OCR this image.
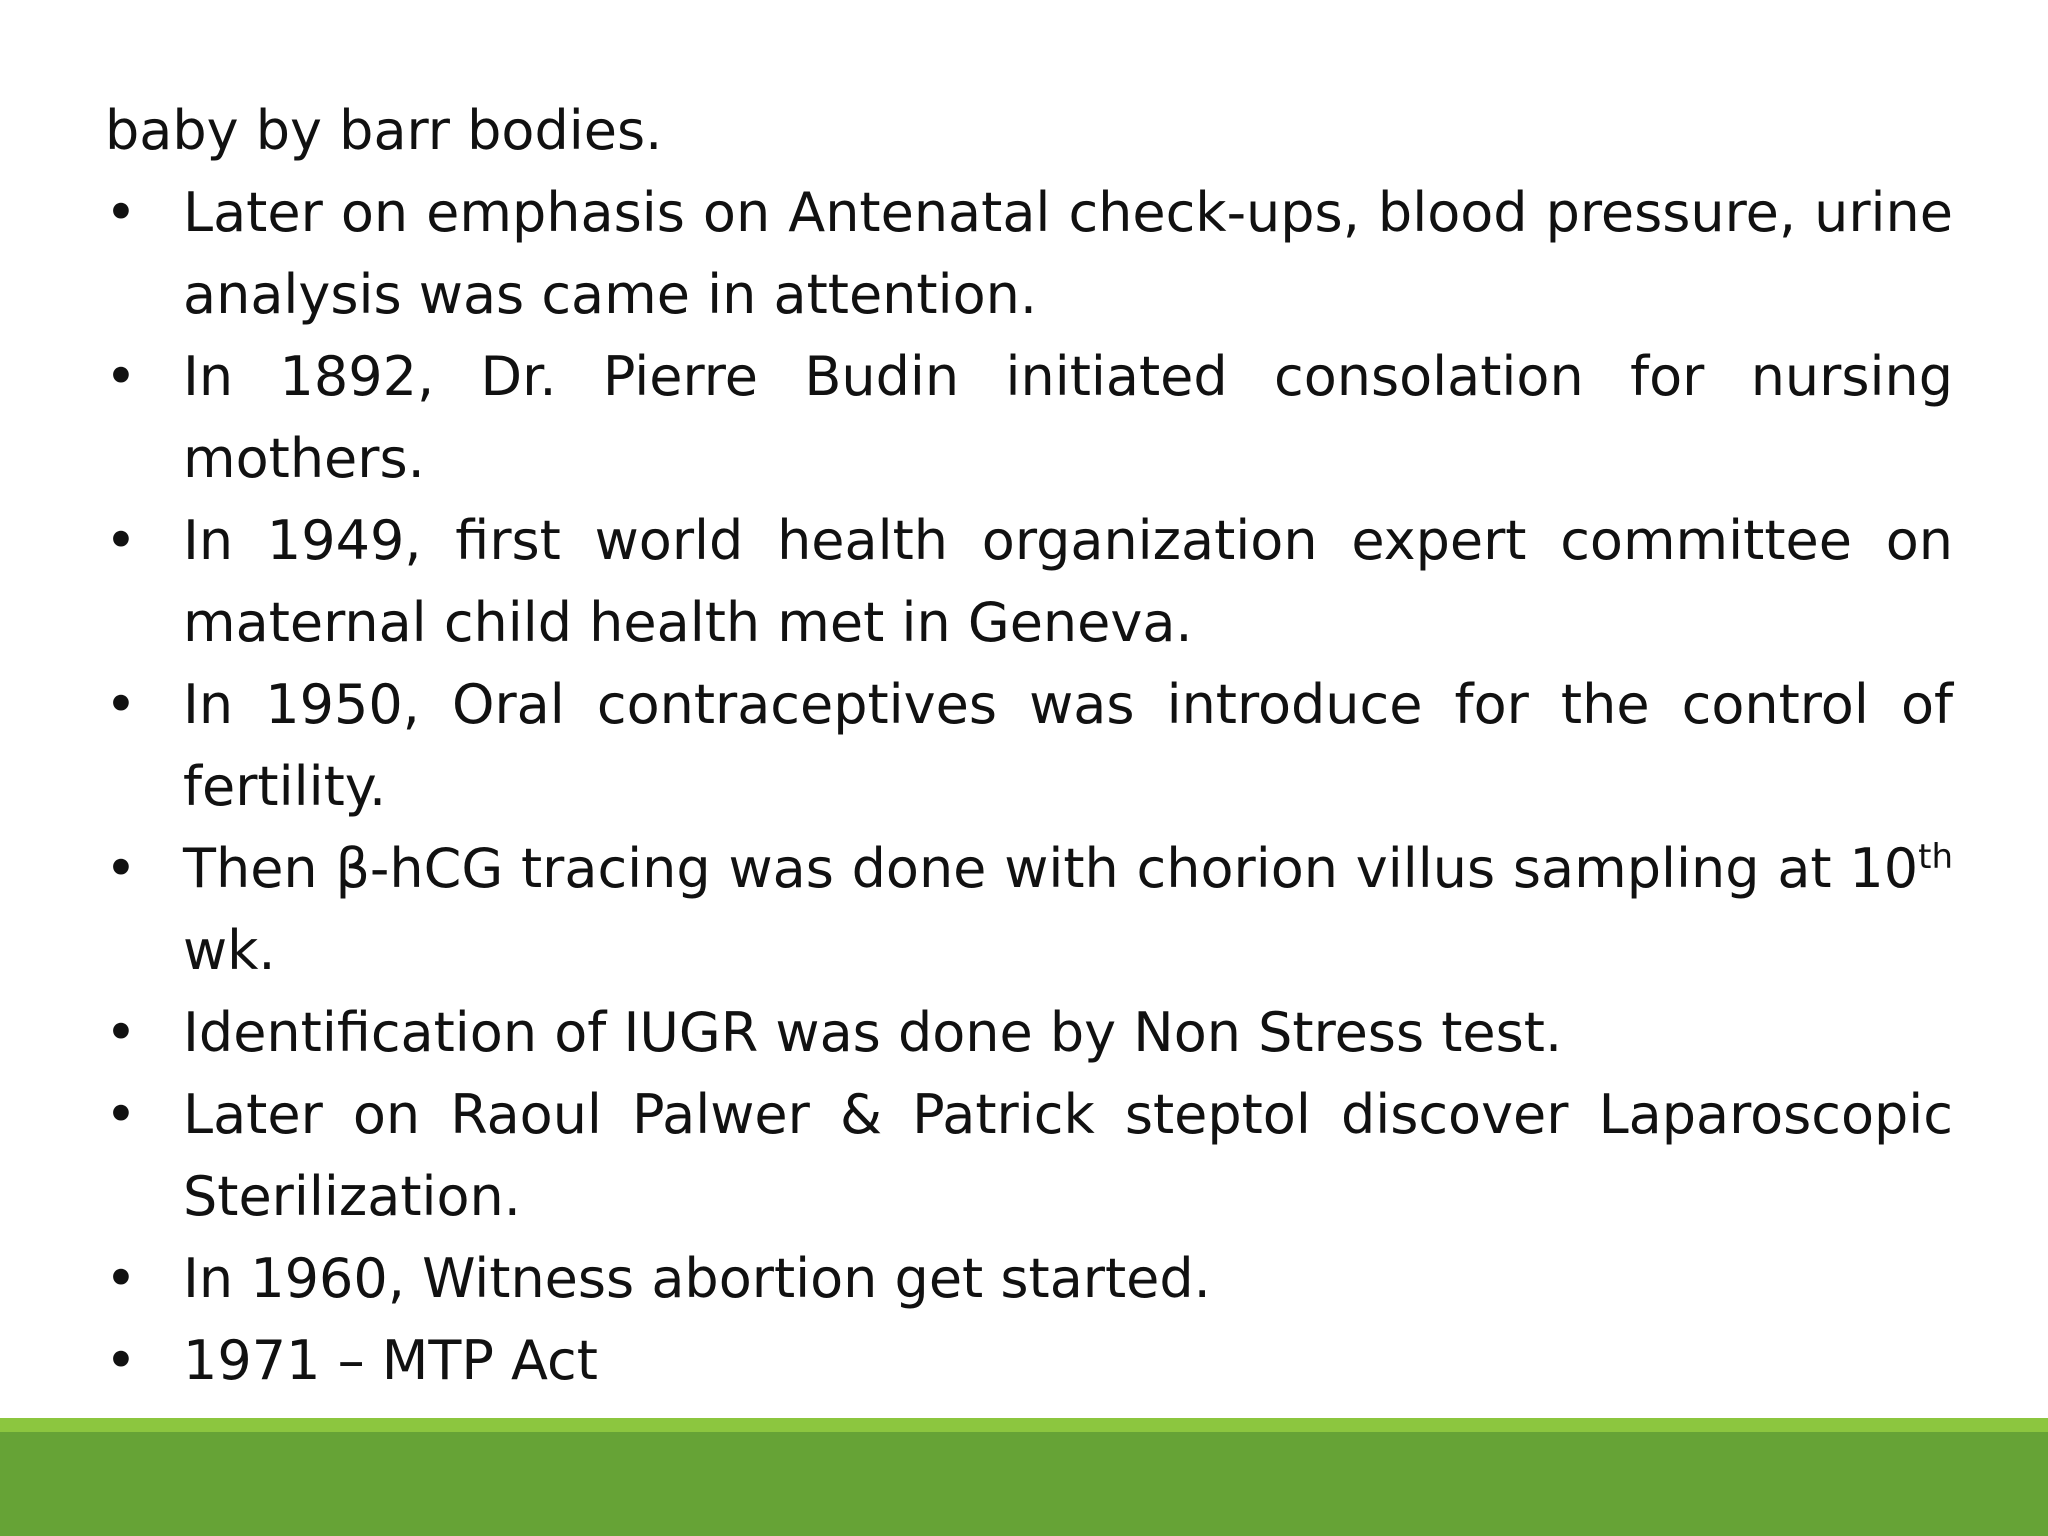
baby by barr bodies.
• Later on emphasis on Antenatal check-ups, blood pressure, urine analysis was came in attention.
• In 1892, Dr. Pierre Budin initiated consolation for nursing mothers.
• In 1949, first world health organization expert committee on maternal child health met in Geneva.
• In 1950, Oral contraceptives was introduce for the control of fertility.
• Then β-hCG tracing was done with chorion villus sampling at 10th wk.
• Identification of IUGR was done by Non Stress test.
• Later on Raoul Palwer & Patrick steptol discover Laparoscopic Sterilization.
• In 1960, Witness abortion get started.
• 1971 – MTP Act
